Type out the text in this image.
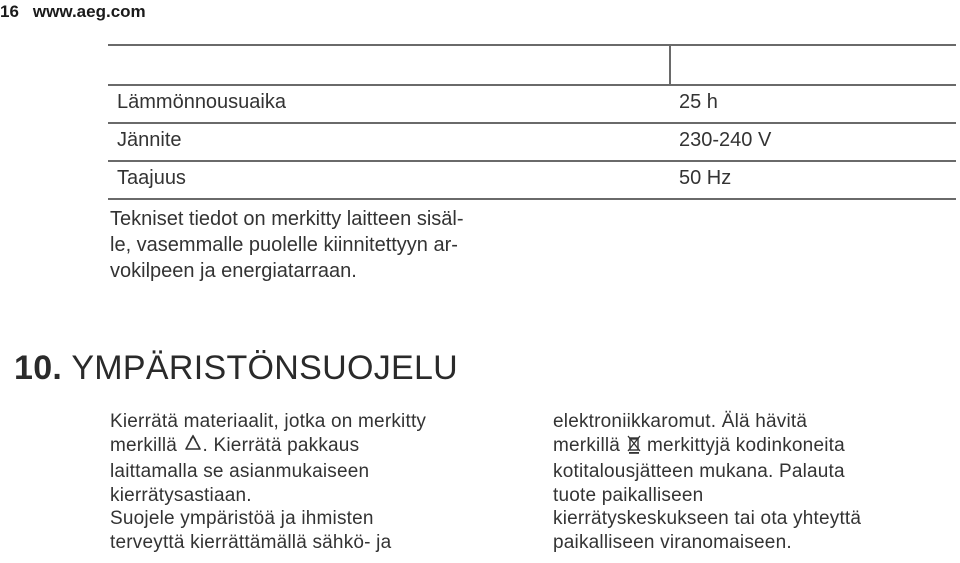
16 www.aeg.com
Lämmönnousuaika	25 h
Jännite	230-240 V
Taajuus	50 Hz
Tekniset tiedot on merkitty laitteen sisäl-
le, vasemmalle puolelle kiinnitettyyn ar-
vokilpeen ja energiatarraan.
10. YMPÄRISTÖNSUOJELU
Kierrätä materiaalit, jotka on merkitty
merkillä . Kierrätä pakkaus
laittamalla se asianmukaiseen
kierrätysastiaan.
Suojele ympäristöä ja ihmisten
terveyttä kierrättämällä sähkö- ja
elektroniikkaromut. Älä hävitä
merkillä merkittyjä kodinkoneita
kotitalousjätteen mukana. Palauta
tuote paikalliseen
kierrätyskeskukseen tai ota yhteyttä
paikalliseen viranomaiseen.
